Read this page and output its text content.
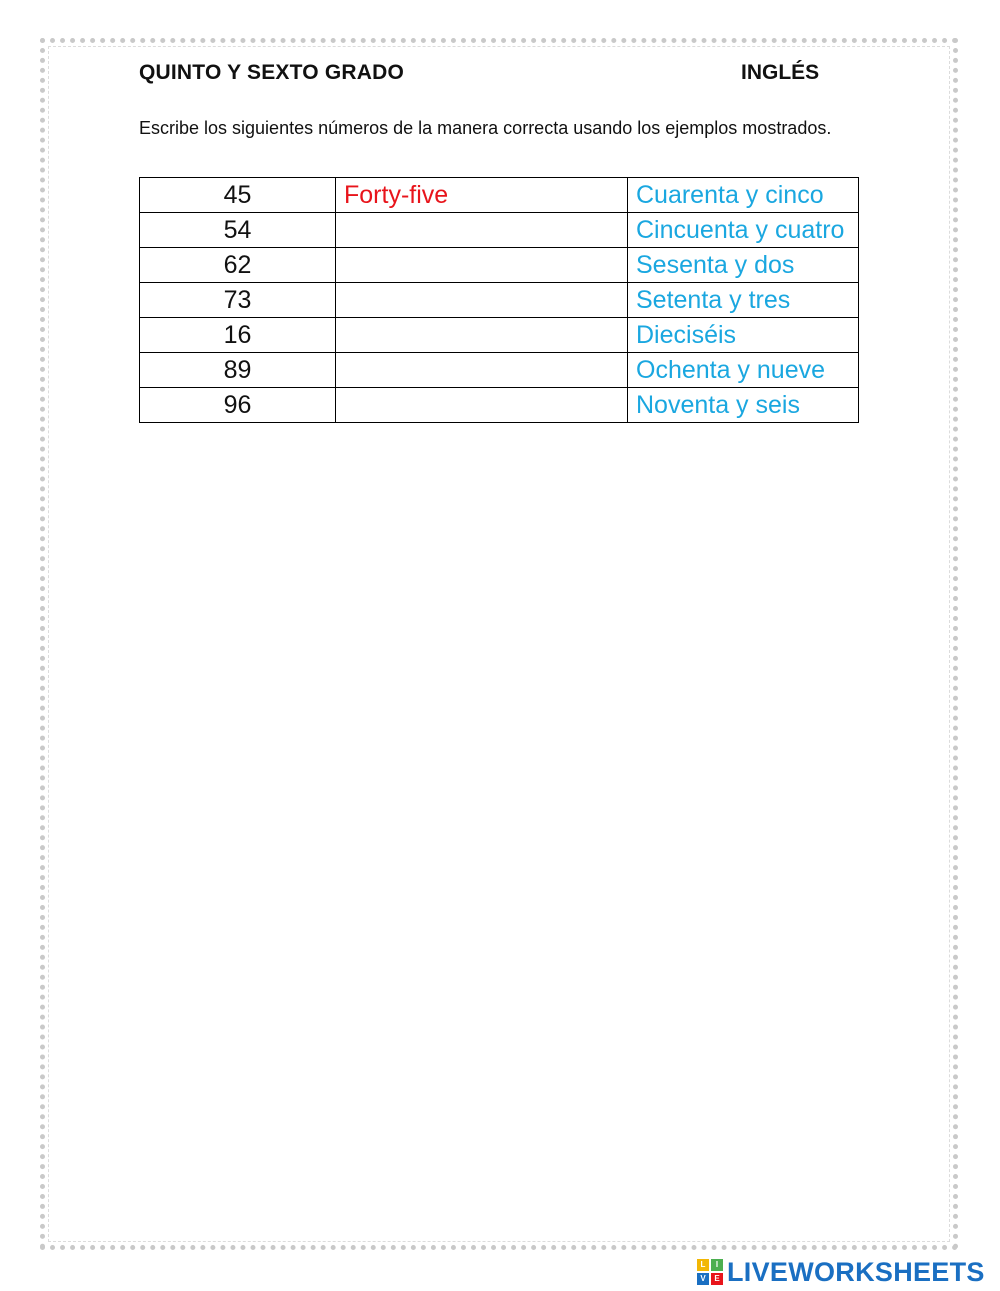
QUINTO Y SEXTO GRADO	INGLÉS
Escribe los siguientes números de la manera correcta usando los ejemplos mostrados.
45	Forty-five	Cuarenta y cinco
54		Cincuenta y cuatro
62		Sesenta y dos
73		Setenta y tres
16		Dieciséis
89		Ochenta y nueve
96		Noventa y seis
L	I
V	E LIVEWORKSHEETS
